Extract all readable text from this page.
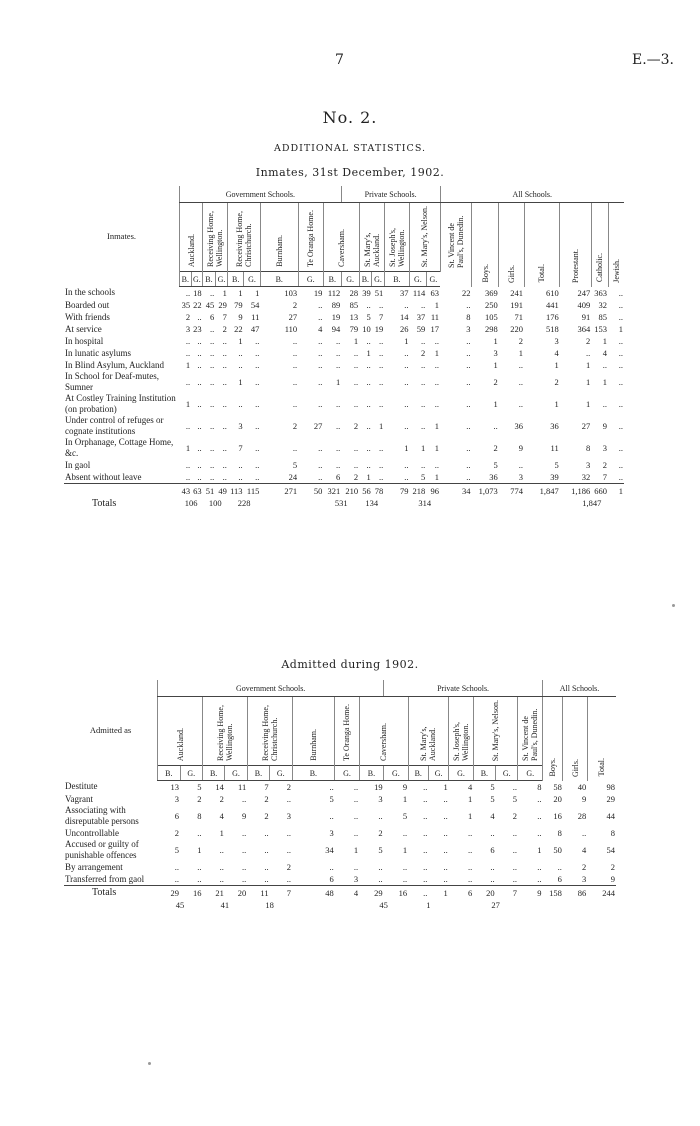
7	E.—3.
No. 2.
ADDITIONAL STATISTICS.
Inmates, 31st December, 1902.
Inmates.	Government Schools.									Private Schools.						All Schools.						
	Auckland.		Receiving Home, Wellington.		Receiving Home, Christchurch.		Burnham.	Te Oranga Home.	Caversham.		St. Mary's, Auckland.		St. Joseph's, Wellington.	St. Mary's, Nelson.		St. Vincent de Paul's, Dunedin.	Boys.	Girls.	Total.	Protestant.	Catholic.	Jewish.
	B.	G.	B.	G.	B.	G.	B.	G.	B.	G.	B.	G.	B.	G.	G.							
In the schools	..	18	..	1	1	1	103	19	112	28	39	51	37	114	63	22	369	241	610	247	363	..
Boarded out	35	22	45	29	79	54	2	..	89	85	..	..	..	..	1	..	250	191	441	409	32	..
With friends	2	..	6	7	9	11	27	..	19	13	5	7	14	37	11	8	105	71	176	91	85	..
At service	3	23	..	2	22	47	110	4	94	79	10	19	26	59	17	3	298	220	518	364	153	1
In hospital	..	..	..	..	1	..	..	..	..	1	..	..	1	..	..	..	1	2	3	2	1	..
In lunatic asylums	..	..	..	..	..	..	..	..	..	..	1	..	..	2	1	..	3	1	4	..	4	..
In Blind Asylum, Auckland	1	..	..	..	..	..	..	..	..	..	..	..	..	..	..	..	1	..	1	1	..	..
In School for Deaf-mutes, Sumner	..	..	..	..	1	..	..	..	1	..	..	..	..	..	..	..	2	..	2	1	1	..
At Costley Training Institution (on probation)	1	..	..	..	..	..	..	..	..	..	..	..	..	..	..	..	1	..	1	1	..	..
Under control of refuges or cognate institutions	..	..	..	..	3	..	2	27	..	2	..	1	..	..	1	..	..	36	36	27	9	..
In Orphanage, Cottage Home, &c.	1	..	..	..	7	..	..	..	..	..	..	..	1	1	1	..	2	9	11	8	3	..
In gaol	..	..	..	..	..	..	5	..	..	..	..	..	..	..	..	..	5	..	5	3	2	..
Absent without leave	..	..	..	..	..	..	24	..	6	2	1	..	..	5	1	..	36	3	39	32	7	..
	43	63	51	49	113	115	271	50	321	210	56	78	79	218	96	34	1,073	774	1,847	1,186	660	1
Totals	106		100		228				531		134			314						1,847		
Admitted during 1902.
Admitted as	Government Schools.									Private Schools.							All Schools.		
	Auckland.		Receiving Home, Wellington.		Receiving Home, Christchurch.		Burnham.	Te Oranga Home.	Caversham.		St. Mary's, Auckland.		St. Joseph's, Wellington.	St. Mary's, Nelson.		St. Vincent de Paul's, Dunedin.	Boys.	Girls.	Total.
	B.	G.	B.	G.	B.	G.	B.	G.	B.	G.	B.	G.	G.	B.	G.	G.			
Destitute	13	5	14	11	7	2	..	..	19	9	..	1	4	5	..	8	58	40	98
Vagrant	3	2	2	..	2	..	5	..	3	1	..	..	1	5	5	..	20	9	29
Associating with disreputable persons	6	8	4	9	2	3	..	..	..	5	..	..	1	4	2	..	16	28	44
Uncontrollable	2	..	1	..	..	..	3	..	2	..	..	..	..	..	..	..	8	..	8
Accused or guilty of punishable offences	5	1	..	..	..	..	34	1	5	1	..	..	..	6	..	1	50	4	54
By arrangement	..	..	..	..	..	2	..	..	..	..	..	..	..	..	..	..	..	2	2
Transferred from gaol	..	..	..	..	..	..	6	3	..	..	..	..	..	..	..	..	6	3	9
Totals	29	16	21	20	11	7	48	4	29	16	..	1	6	20	7	9	158	86	244
	45		41		18				45		1			27					
